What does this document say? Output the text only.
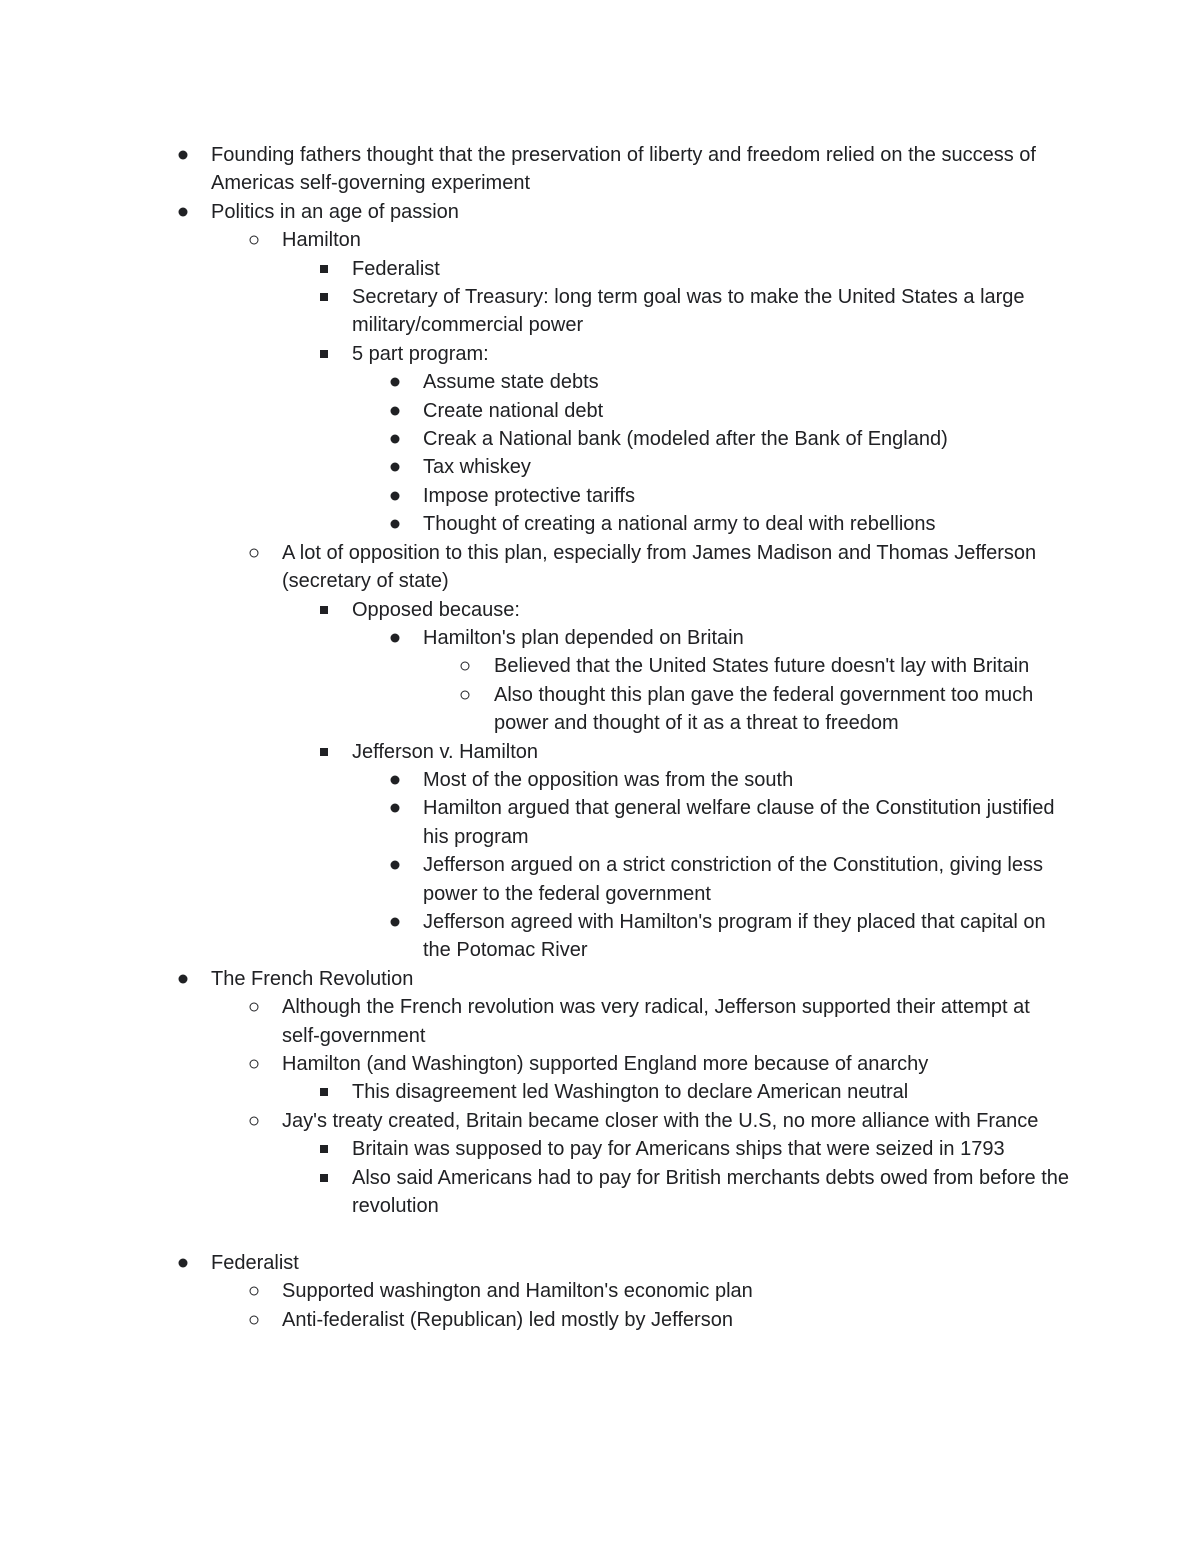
Founding fathers thought that the preservation of liberty and freedom relied on the success of Americas self-governing experiment
Politics in an age of passion
Hamilton
Federalist
Secretary of Treasury: long term goal was to make the United States a large military/commercial power
5 part program:
Assume state debts
Create national debt
Creak a National bank (modeled after the Bank of England)
Tax whiskey
Impose protective tariffs
Thought of creating a national army to deal with rebellions
A lot of opposition to this plan, especially from James Madison and Thomas Jefferson (secretary of state)
Opposed because:
Hamilton's plan depended on Britain
Believed that the United States future doesn't lay with Britain
Also thought this plan gave the federal government too much power and thought of it as a threat to freedom
Jefferson v. Hamilton
Most of the opposition was from the south
Hamilton argued that general welfare clause of the Constitution justified his program
Jefferson argued on a strict constriction of the Constitution, giving less power to the federal government
Jefferson agreed with Hamilton's program if they placed that capital on the Potomac River
The French Revolution
Although the French revolution was very radical, Jefferson supported their attempt at self-government
Hamilton (and Washington) supported England more because of anarchy
This disagreement led Washington to declare American neutral
Jay's treaty created, Britain became closer with the U.S, no more alliance with France
Britain was supposed to pay for Americans ships that were seized in 1793
Also said Americans had to pay for British merchants debts owed from before the revolution
Federalist
Supported washington and Hamilton's economic plan
Anti-federalist (Republican) led mostly by Jefferson
